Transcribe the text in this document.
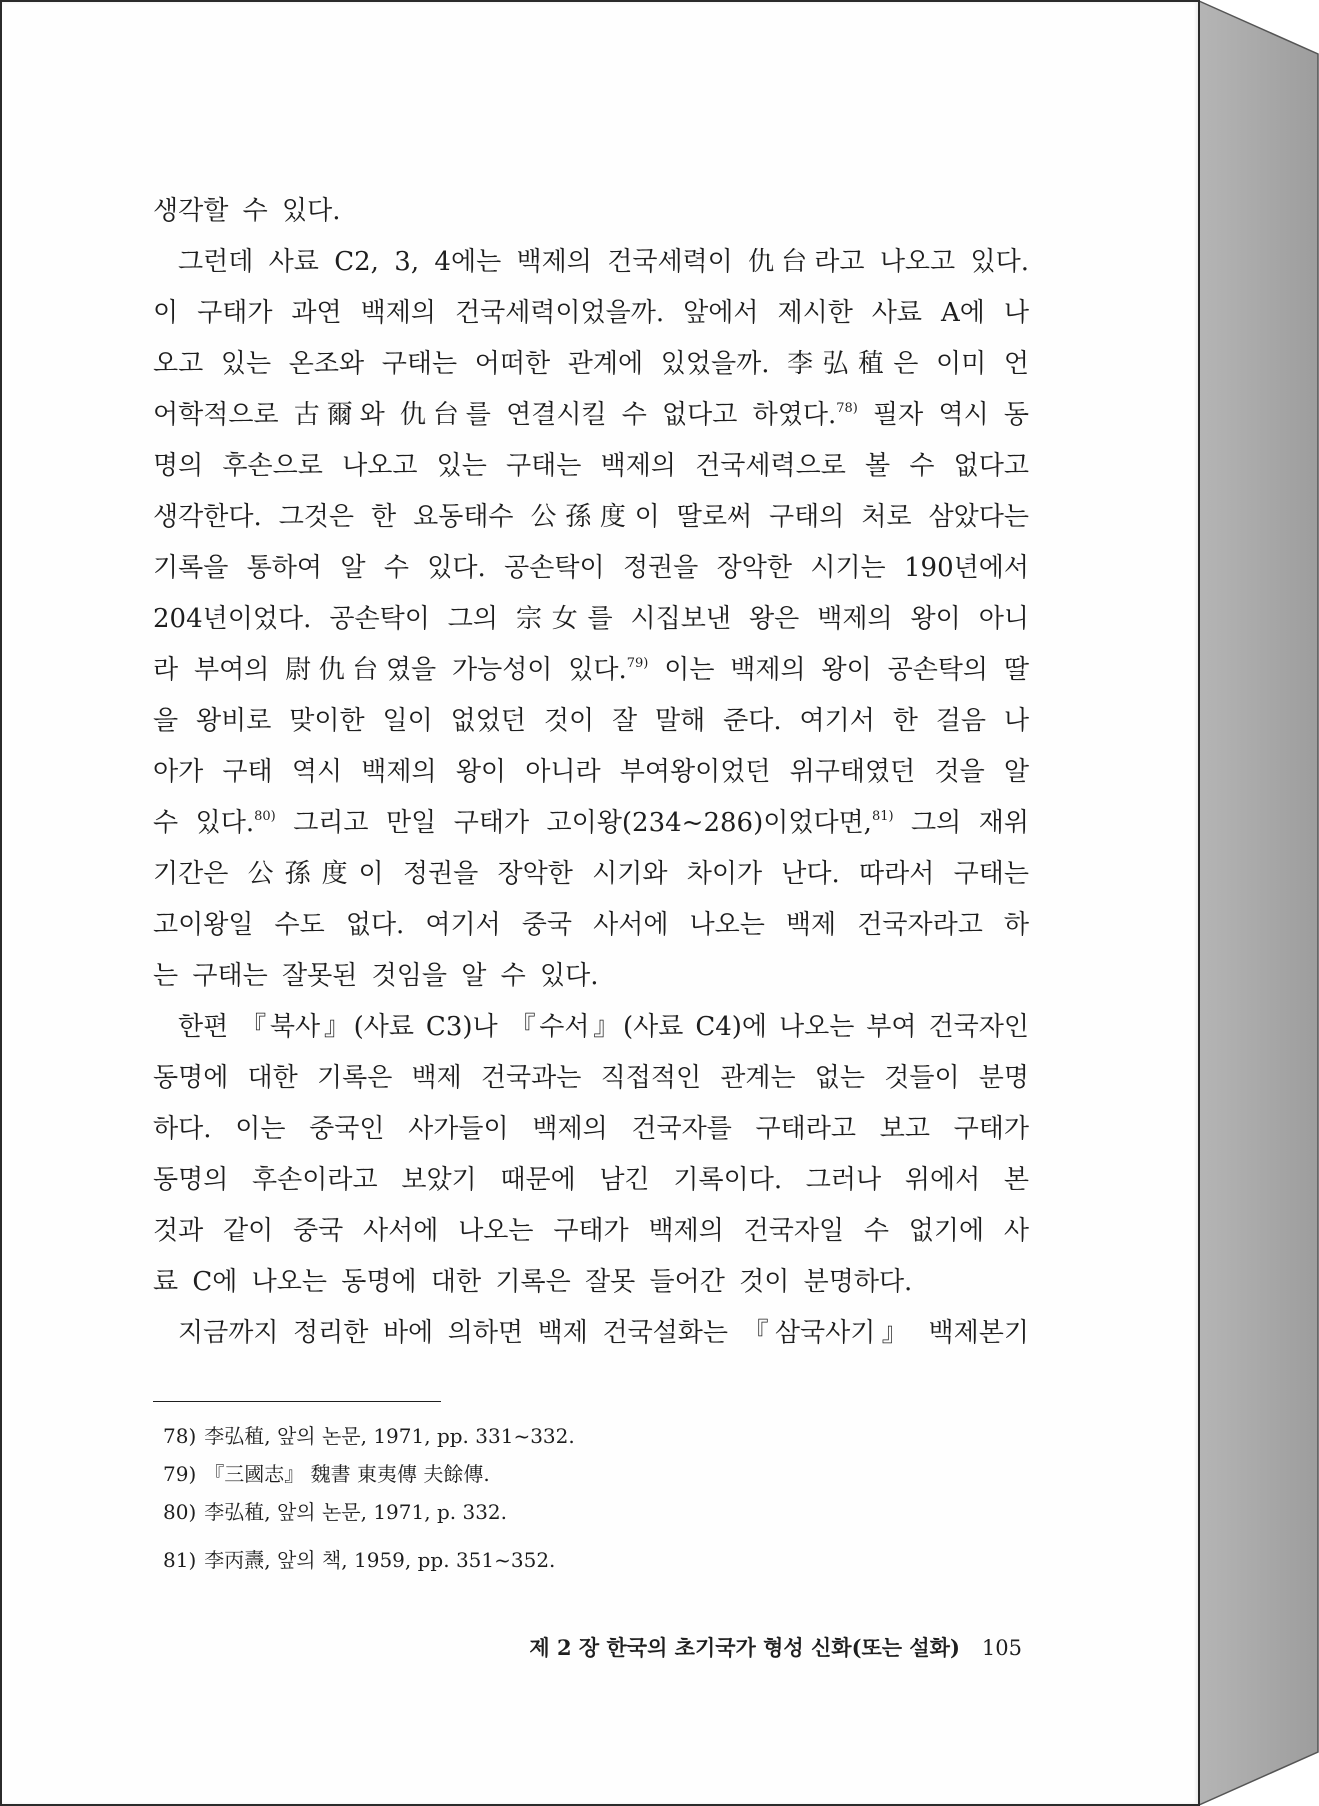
생각할 수 있다.
그런데 사료 C2, 3, 4에는 백제의 건국세력이 仇台라고 나오고 있다.
이 구태가 과연 백제의 건국세력이었을까. 앞에서 제시한 사료 A에 나
오고 있는 온조와 구태는 어떠한 관계에 있었을까. 李弘稙은 이미 언
어학적으로 古爾와 仇台를 연결시킬 수 없다고 하였다.$^{78)}$ 필자 역시 동
명의 후손으로 나오고 있는 구태는 백제의 건국세력으로 볼 수 없다고
생각한다. 그것은 한 요동태수 公孫度이 딸로써 구태의 처로 삼았다는
기록을 통하여 알 수 있다. 공손탁이 정권을 장악한 시기는 190년에서
204년이었다. 공손탁이 그의 宗女를 시집보낸 왕은 백제의 왕이 아니
라 부여의 尉仇台였을 가능성이 있다.$^{79)}$ 이는 백제의 왕이 공손탁의 딸
을 왕비로 맞이한 일이 없었던 것이 잘 말해 준다. 여기서 한 걸음 나
아가 구태 역시 백제의 왕이 아니라 부여왕이었던 위구태였던 것을 알
수 있다.$^{80)}$ 그리고 만일 구태가 고이왕(234~286)이었다면,$^{81)}$ 그의 재위
기간은 公孫度이 정권을 장악한 시기와 차이가 난다. 따라서 구태는
고이왕일 수도 없다. 여기서 중국 사서에 나오는 백제 건국자라고 하
는 구태는 잘못된 것임을 알 수 있다.
한편 『북사』(사료 C3)나 『수서』(사료 C4)에 나오는 부여 건국자인
동명에 대한 기록은 백제 건국과는 직접적인 관계는 없는 것들이 분명
하다. 이는 중국인 사가들이 백제의 건국자를 구태라고 보고 구태가
동명의 후손이라고 보았기 때문에 남긴 기록이다. 그러나 위에서 본
것과 같이 중국 사서에 나오는 구태가 백제의 건국자일 수 없기에 사
료 C에 나오는 동명에 대한 기록은 잘못 들어간 것이 분명하다.
지금까지 정리한 바에 의하면 백제 건국설화는 『삼국사기』 백제본기
78) 李弘稙, 앞의 논문, 1971, pp. 331~332.
79) 『三國志』 魏書 東夷傳 夫餘傳.
80) 李弘稙, 앞의 논문, 1971, p. 332.
81) 李丙燾, 앞의 책, 1959, pp. 351~352.
제 2 장 한국의 초기국가 형성 신화(또는 설화) 105
